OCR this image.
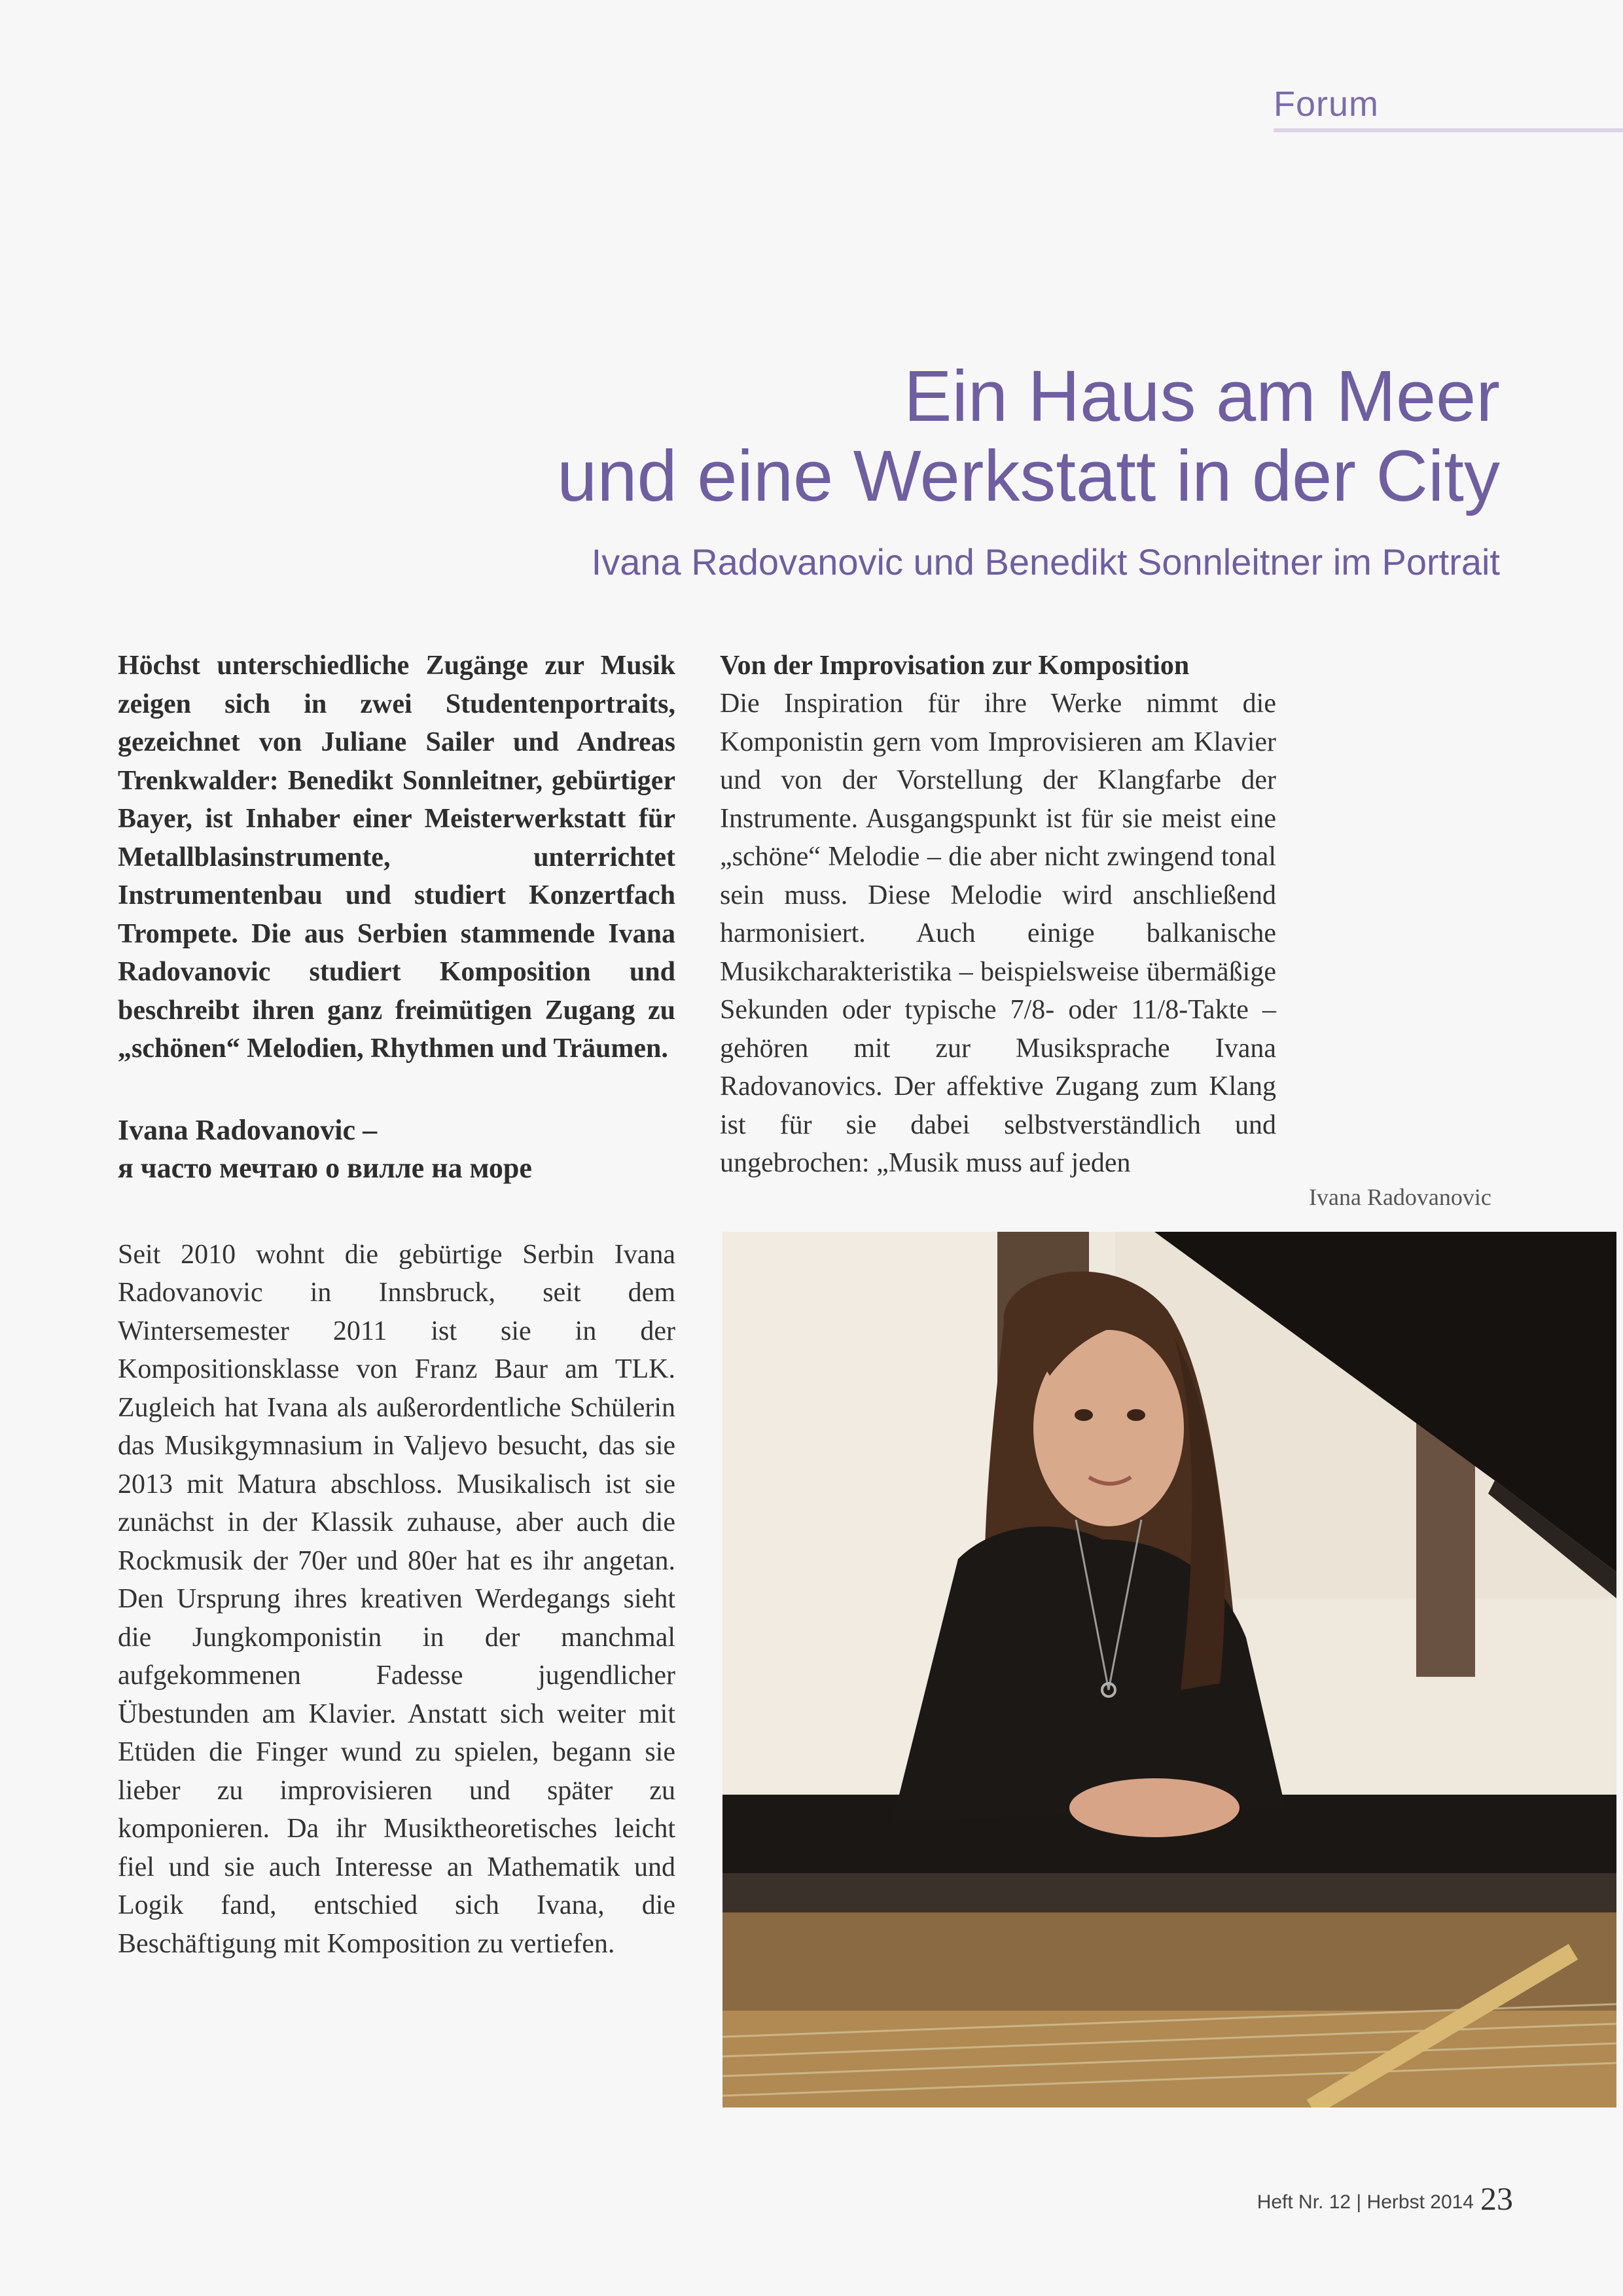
Forum
Ein Haus am Meer
und eine Werkstatt in der City
Ivana Radovanovic und Benedikt Sonnleitner im Portrait

Höchst unterschiedliche Zugänge zur Musik zeigen sich in zwei Studentenportraits, gezeichnet von Juliane Sailer und Andreas Trenkwalder: Benedikt Sonnleitner, gebürtiger Bayer, ist Inhaber einer Meisterwerkstatt für Metallblasinstrumente, unterrichtet Instrumentenbau und studiert Konzertfach Trompete. Die aus Serbien stammende Ivana Radovanovic studiert Komposition und beschreibt ihren ganz freimütigen Zugang zu „schönen“ Melodien, Rhythmen und Träumen.

Ivana Radovanovic –
я часто мечтаю о вилле на море

Seit 2010 wohnt die gebürtige Serbin Ivana Radovanovic in Innsbruck, seit dem Wintersemester 2011 ist sie in der Kompositionsklasse von Franz Baur am TLK. Zugleich hat Ivana als außerordentliche Schülerin das Musikgymnasium in Valjevo besucht, das sie 2013 mit Matura abschloss. Musikalisch ist sie zunächst in der Klassik zuhause, aber auch die Rockmusik der 70er und 80er hat es ihr angetan. Den Ursprung ihres kreativen Werdegangs sieht die Jungkomponistin in der manchmal aufgekommenen Fadesse jugendlicher Übestunden am Klavier. Anstatt sich weiter mit Etüden die Finger wund zu spielen, begann sie lieber zu improvisieren und später zu komponieren. Da ihr Musiktheoretisches leicht fiel und sie auch Interesse an Mathematik und Logik fand, entschied sich Ivana, die Beschäftigung mit Komposition zu vertiefen.

Von der Improvisation zur Komposition

Die Inspiration für ihre Werke nimmt die Komponistin gern vom Improvisieren am Klavier und von der Vorstellung der Klangfarbe der Instrumente. Ausgangspunkt ist für sie meist eine „schöne“ Melodie – die aber nicht zwingend tonal sein muss. Diese Melodie wird anschließend harmonisiert. Auch einige balkanische Musikcharakteristika – beispielsweise übermäßige Sekunden oder typische 7/8- oder 11/8-Takte – gehören mit zur Musiksprache Ivana Radovanovics. Der affektive Zugang zum Klang ist für sie dabei selbstverständlich und ungebrochen: „Musik muss auf jeden

Ivana Radovanovic
Heft Nr. 12 | Herbst 2014 23
